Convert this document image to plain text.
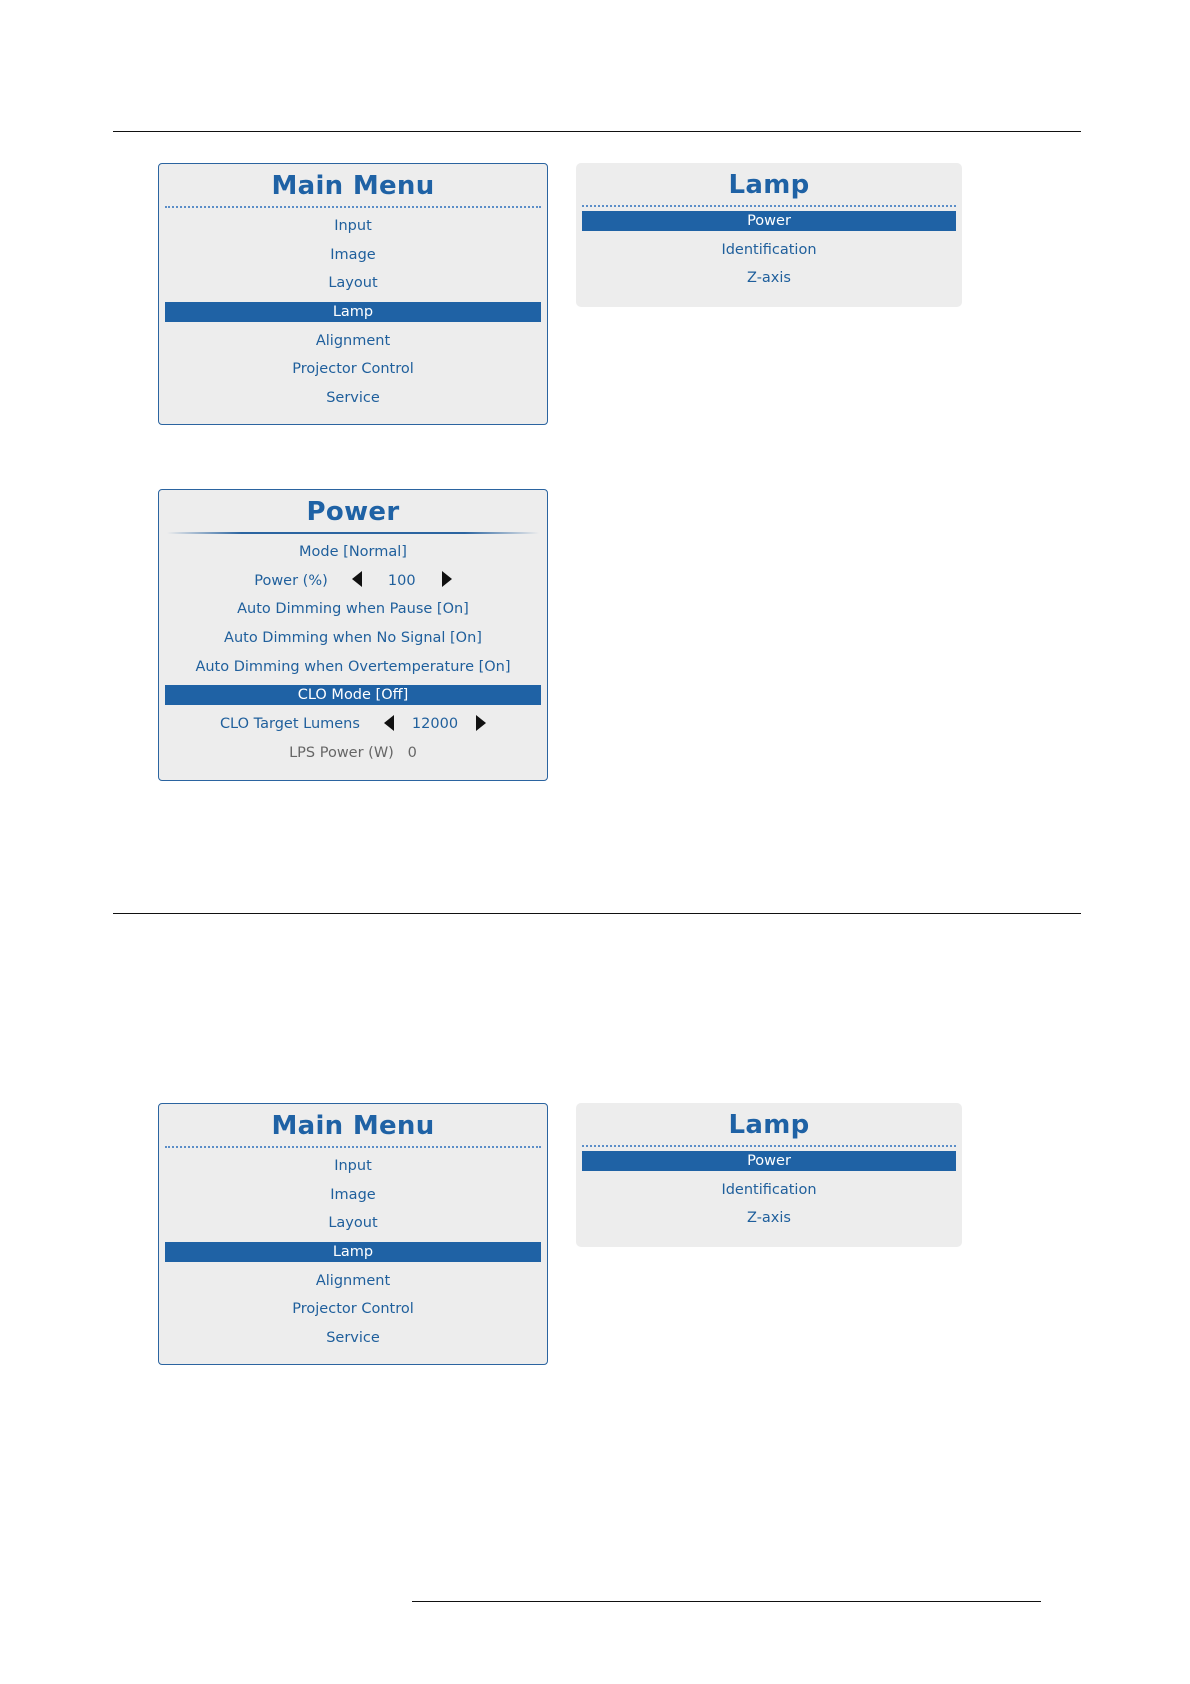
Main Menu
Input
Image
Layout
Lamp
Alignment
Projector Control
Service
Lamp
Power
Identification
Z-axis
Power
Mode [Normal]
Power (%)	100
Auto Dimming when Pause [On]
Auto Dimming when No Signal [On]
Auto Dimming when Overtemperature [On]
CLO Mode [Off]
CLO Target Lumens	12000
LPS Power (W) 0
Main Menu
Input
Image
Layout
Lamp
Alignment
Projector Control
Service
Lamp
Power
Identification
Z-axis
